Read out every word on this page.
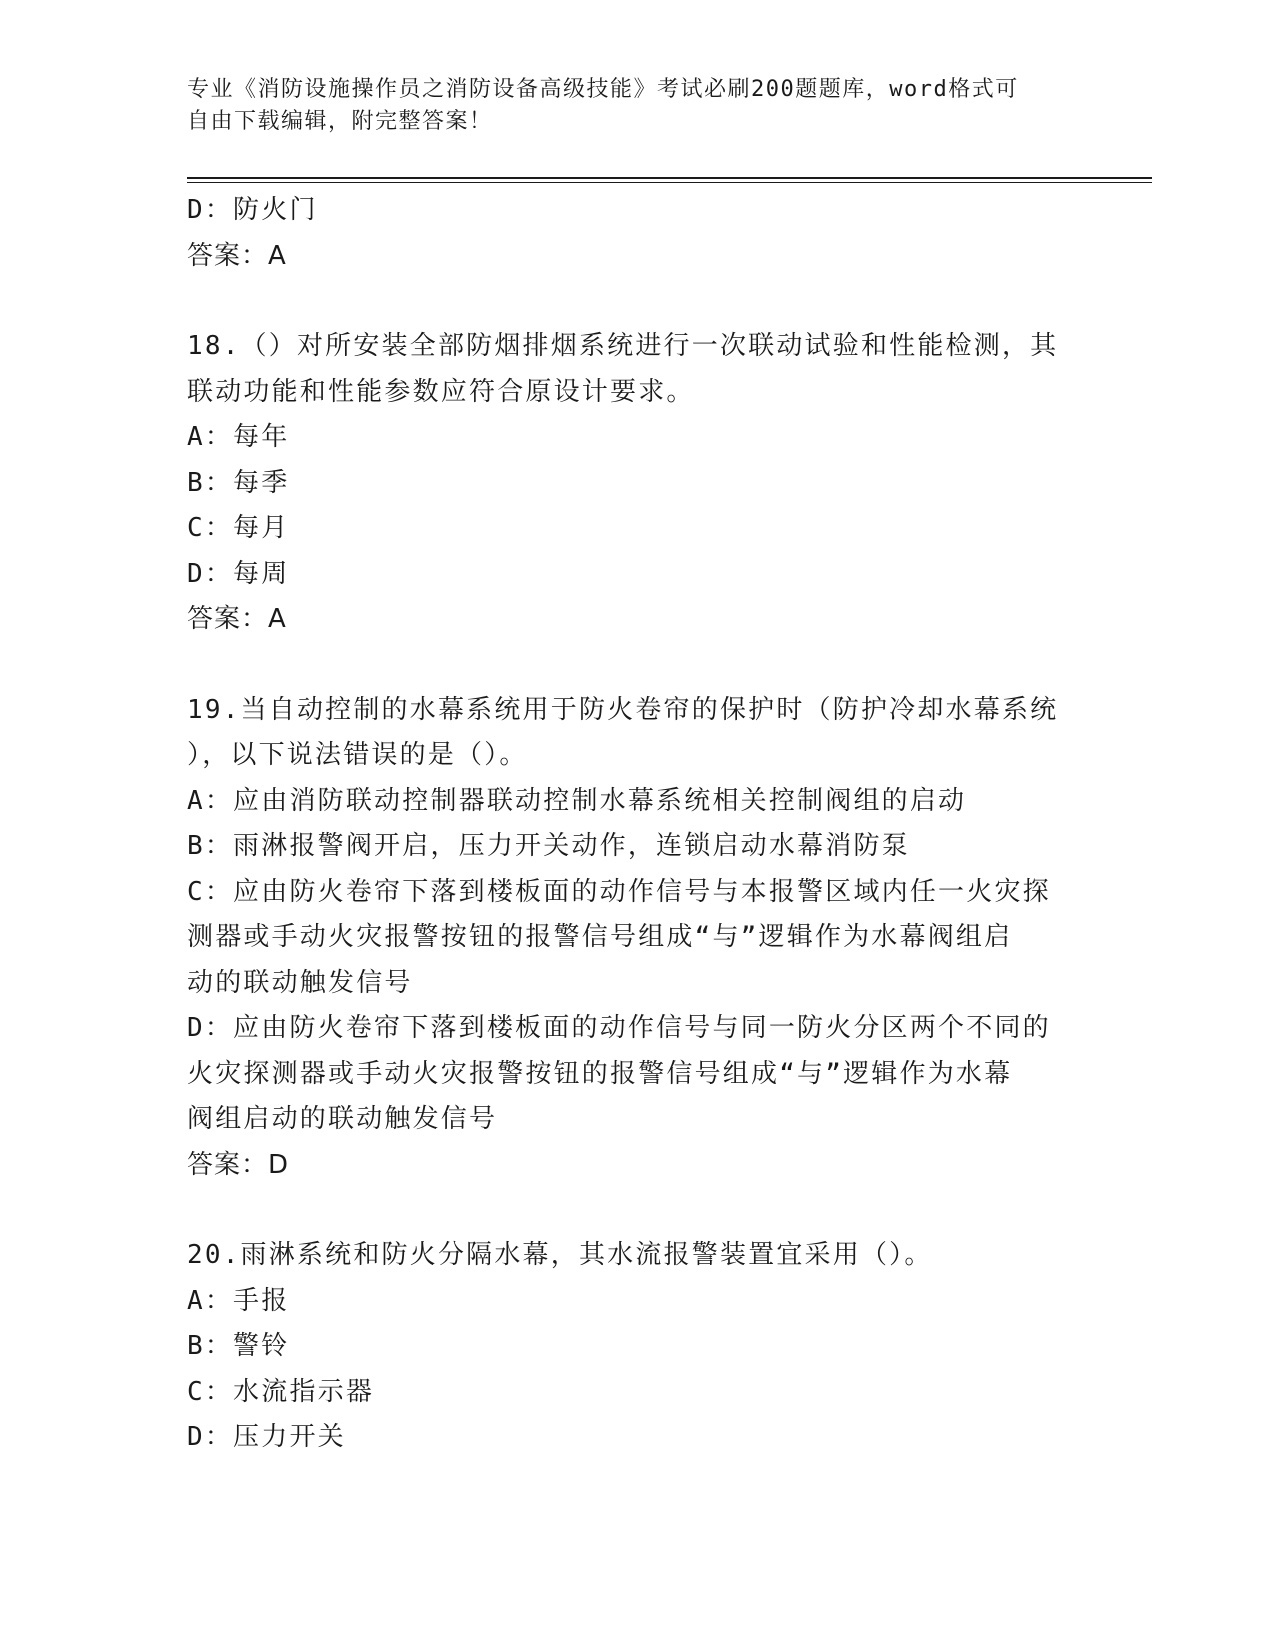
专业《消防设施操作员之消防设备高级技能》考试必刷200题题库，word格式可
自由下载编辑，附完整答案！
D：防火门
答案：A
18.（）对所安装全部防烟排烟系统进行一次联动试验和性能检测，其
联动功能和性能参数应符合原设计要求。
A：每年
B：每季
C：每月
D：每周
答案：A
19.当自动控制的水幕系统用于防火卷帘的保护时（防护冷却水幕系统
），以下说法错误的是（）。
A：应由消防联动控制器联动控制水幕系统相关控制阀组的启动
B：雨淋报警阀开启，压力开关动作，连锁启动水幕消防泵
C：应由防火卷帘下落到楼板面的动作信号与本报警区域内任一火灾探
测器或手动火灾报警按钮的报警信号组成“与”逻辑作为水幕阀组启
动的联动触发信号
D：应由防火卷帘下落到楼板面的动作信号与同一防火分区两个不同的
火灾探测器或手动火灾报警按钮的报警信号组成“与”逻辑作为水幕
阀组启动的联动触发信号
答案：D
20.雨淋系统和防火分隔水幕，其水流报警装置宜采用（）。
A：手报
B：警铃
C：水流指示器
D：压力开关
